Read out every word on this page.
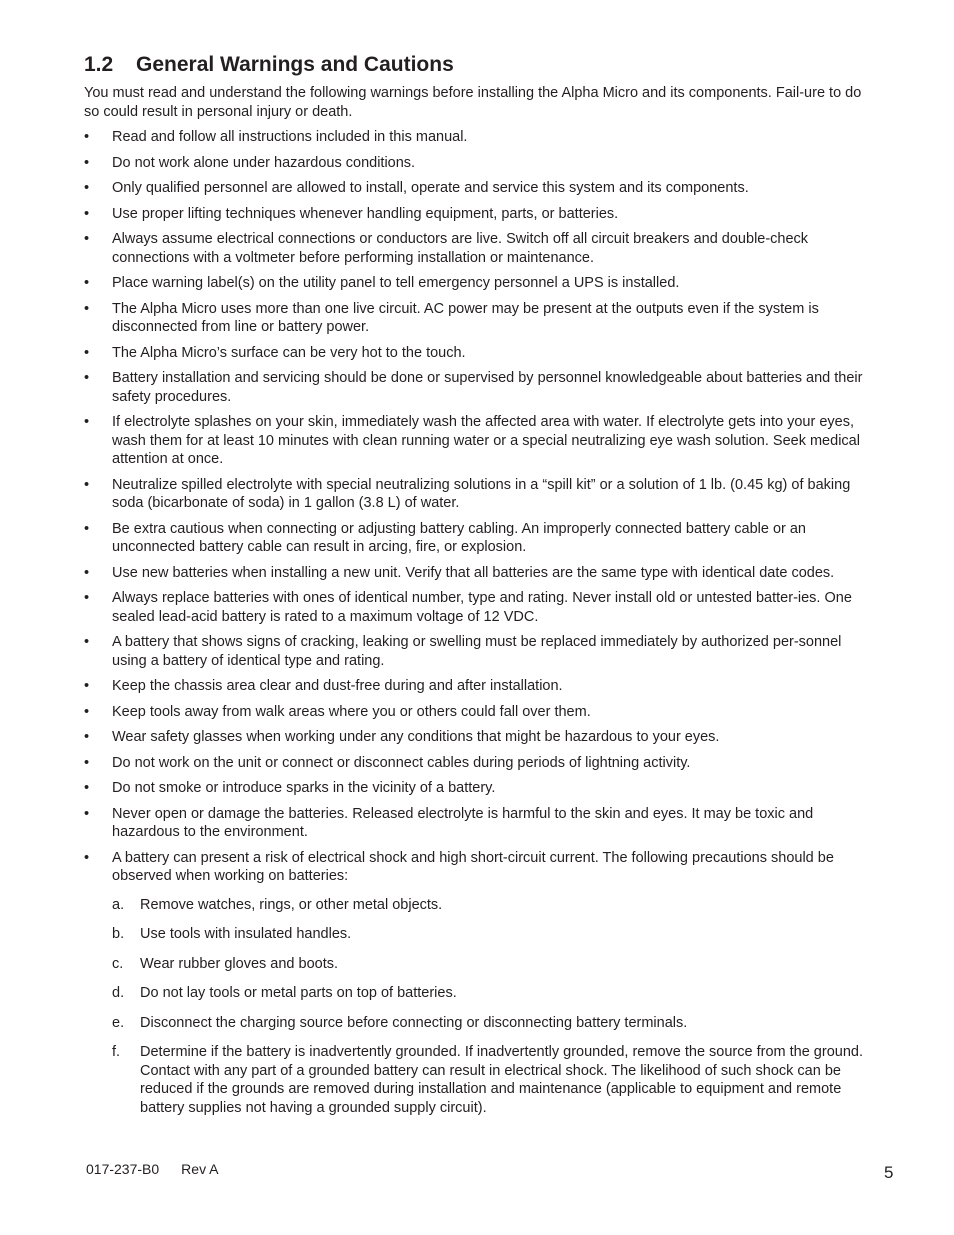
1.2 General Warnings and Cautions

You must read and understand the following warnings before installing the Alpha Micro and its components. Fail-ure to do so could result in personal injury or death.

•	Read and follow all instructions included in this manual.
•	Do not work alone under hazardous conditions.
•	Only qualified personnel are allowed to install, operate and service this system and its components.
•	Use proper lifting techniques whenever handling equipment, parts, or batteries.
•	Always assume electrical connections or conductors are live. Switch off all circuit breakers and double-check connections with a voltmeter before performing installation or maintenance.
•	Place warning label(s) on the utility panel to tell emergency personnel a UPS is installed.
•	The Alpha Micro uses more than one live circuit. AC power may be present at the outputs even if the system is disconnected from line or battery power.
•	The Alpha Micro’s surface can be very hot to the touch.
•	Battery installation and servicing should be done or supervised by personnel knowledgeable about batteries and their safety procedures.
•	If electrolyte splashes on your skin, immediately wash the affected area with water. If electrolyte gets into your eyes, wash them for at least 10 minutes with clean running water or a special neutralizing eye wash solution. Seek medical attention at once.
•	Neutralize spilled electrolyte with special neutralizing solutions in a “spill kit” or a solution of 1 lb. (0.45 kg) of baking soda (bicarbonate of soda) in 1 gallon (3.8 L) of water.
•	Be extra cautious when connecting or adjusting battery cabling. An improperly connected battery cable or an unconnected battery cable can result in arcing, fire, or explosion.
•	Use new batteries when installing a new unit. Verify that all batteries are the same type with identical date codes.
•	Always replace batteries with ones of identical number, type and rating. Never install old or untested batter-ies. One sealed lead-acid battery is rated to a maximum voltage of 12 VDC.
•	A battery that shows signs of cracking, leaking or swelling must be replaced immediately by authorized per-sonnel using a battery of identical type and rating.
•	Keep the chassis area clear and dust-free during and after installation.
•	Keep tools away from walk areas where you or others could fall over them.
•	Wear safety glasses when working under any conditions that might be hazardous to your eyes.
•	Do not work on the unit or connect or disconnect cables during periods of lightning activity.
•	Do not smoke or introduce sparks in the vicinity of a battery.
•	Never open or damage the batteries. Released electrolyte is harmful to the skin and eyes. It may be toxic and hazardous to the environment.
•	A battery can present a risk of electrical shock and high short-circuit current. The following precautions should be observed when working on batteries:
a.	Remove watches, rings, or other metal objects.
b.	Use tools with insulated handles.
c.	Wear rubber gloves and boots.
d.	Do not lay tools or metal parts on top of batteries.
e.	Disconnect the charging source before connecting or disconnecting battery terminals.
f.	Determine if the battery is inadvertently grounded. If inadvertently grounded, remove the source from the ground. Contact with any part of a grounded battery can result in electrical shock. The likelihood of such shock can be reduced if the grounds are removed during installation and maintenance (applicable to equipment and remote battery supplies not having a grounded supply circuit).
017-237-B0 Rev A	5
